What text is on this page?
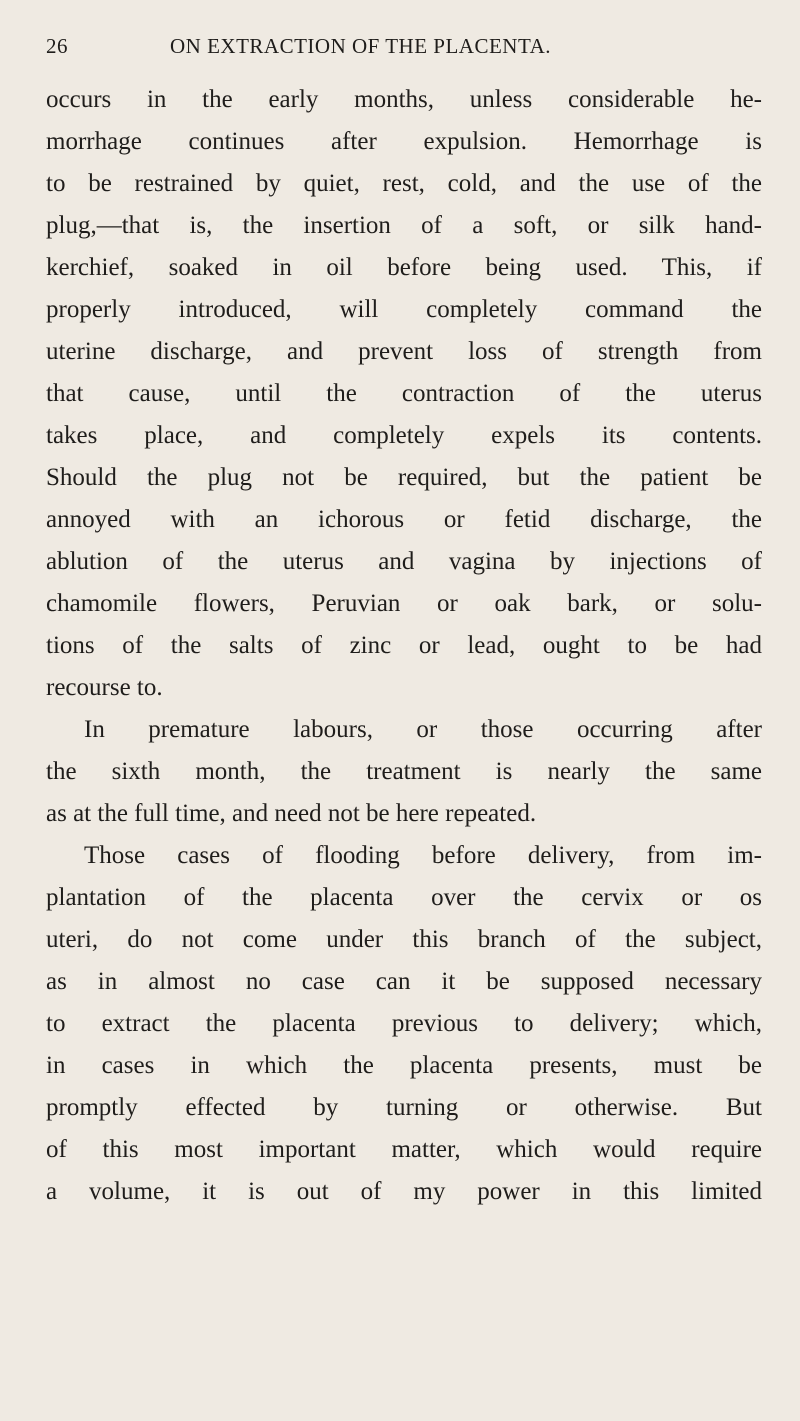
26	ON EXTRACTION OF THE PLACENTA.
occurs in the early months, unless considerable he-
morrhage continues after expulsion. Hemorrhage is
to be restrained by quiet, rest, cold, and the use of the
plug,—that is, the insertion of a soft, or silk hand-
kerchief, soaked in oil before being used. This, if
properly introduced, will completely command the
uterine discharge, and prevent loss of strength from
that cause, until the contraction of the uterus
takes place, and completely expels its contents.
Should the plug not be required, but the patient be
annoyed with an ichorous or fetid discharge, the
ablution of the uterus and vagina by injections of
chamomile flowers, Peruvian or oak bark, or solu-
tions of the salts of zinc or lead, ought to be had
recourse to.
In premature labours, or those occurring after
the sixth month, the treatment is nearly the same
as at the full time, and need not be here repeated.
Those cases of flooding before delivery, from im-
plantation of the placenta over the cervix or os
uteri, do not come under this branch of the subject,
as in almost no case can it be supposed necessary
to extract the placenta previous to delivery; which,
in cases in which the placenta presents, must be
promptly effected by turning or otherwise. But
of this most important matter, which would require
a volume, it is out of my power in this limited
